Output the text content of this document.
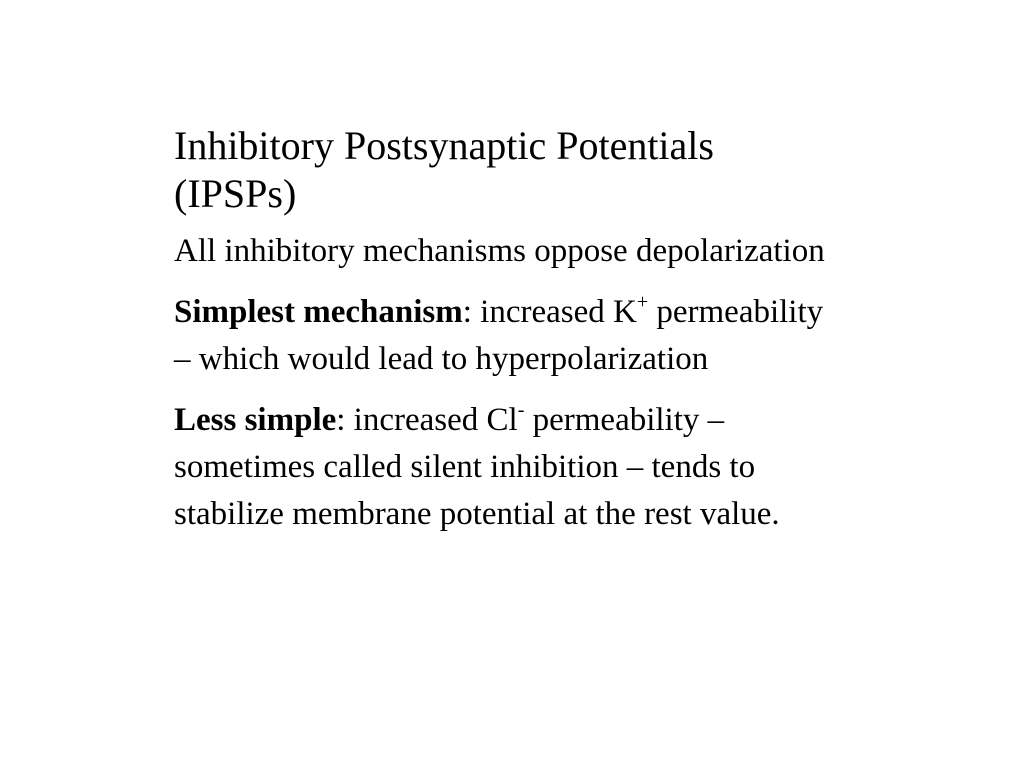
Inhibitory Postsynaptic Potentials (IPSPs)
All inhibitory mechanisms oppose depolarization
Simplest mechanism: increased K+ permeability – which would lead to hyperpolarization
Less simple: increased Cl- permeability – sometimes called silent inhibition – tends to stabilize membrane potential at the rest value.
